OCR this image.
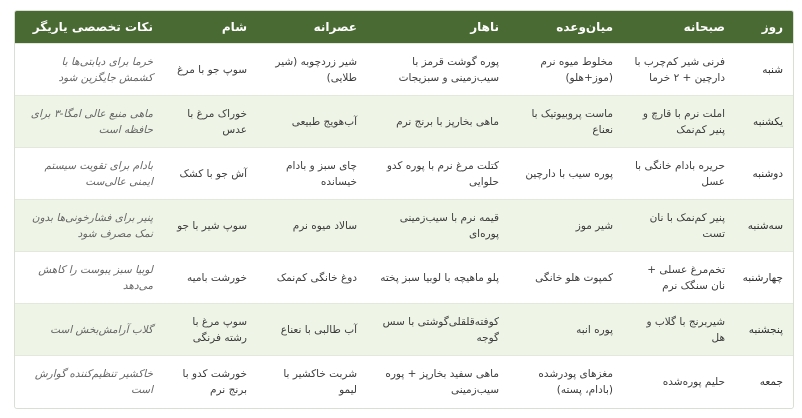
روز	صبحانه	میان‌وعده	ناهار	عصرانه	شام	نکات تخصصی یاریگر
شنبه	فرنی شیر کم‌چرب با دارچین + ۲ خرما	مخلوط میوه نرم (موز+هلو)	پوره گوشت قرمز با سیب‌زمینی و سبزیجات	شیر زردچوبه (شیر طلایی)	سوپ جو با مرغ	خرما برای دیابتی‌ها با کشمش جایگزین شود
یکشنبه	املت نرم با قارچ و پنیر کم‌نمک	ماست پروبیوتیک با نعناع	ماهی بخارپز با برنج نرم	آب‌هویج طبیعی	خوراک مرغ با عدس	ماهی منبع عالی امگا-۳ برای حافظه است
دوشنبه	حریره بادام خانگی با عسل	پوره سیب با دارچین	کتلت مرغ نرم با پوره کدو حلوایی	چای سبز و بادام خیسانده	آش جو با کشک	بادام برای تقویت سیستم ایمنی عالی‌ست
سه‌شنبه	پنیر کم‌نمک با نان تست	شیر موز	قیمه نرم با سیب‌زمینی پوره‌ای	سالاد میوه نرم	سوپ شیر با جو	پنیر برای فشارخونی‌ها بدون نمک مصرف شود
چهارشنبه	تخم‌مرغ عسلی + نان سنگک نرم	کمپوت هلو خانگی	پلو ماهیچه با لوبیا سبز پخته	دوغ خانگی کم‌نمک	خورشت بامیه	لوبیا سبز یبوست را کاهش می‌دهد
پنجشنبه	شیربرنج با گلاب و هل	پوره انبه	کوفته‌قلقلی‌گوشتی با سس گوجه	آب طالبی با نعناع	سوپ مرغ با رشته فرنگی	گلاب آرامش‌بخش است
جمعه	حلیم پوره‌شده	مغزهای پودرشده (بادام، پسته)	ماهی سفید بخارپز + پوره سیب‌زمینی	شربت خاکشیر با لیمو	خورشت کدو با برنج نرم	خاکشیر تنظیم‌کننده گوارش است
